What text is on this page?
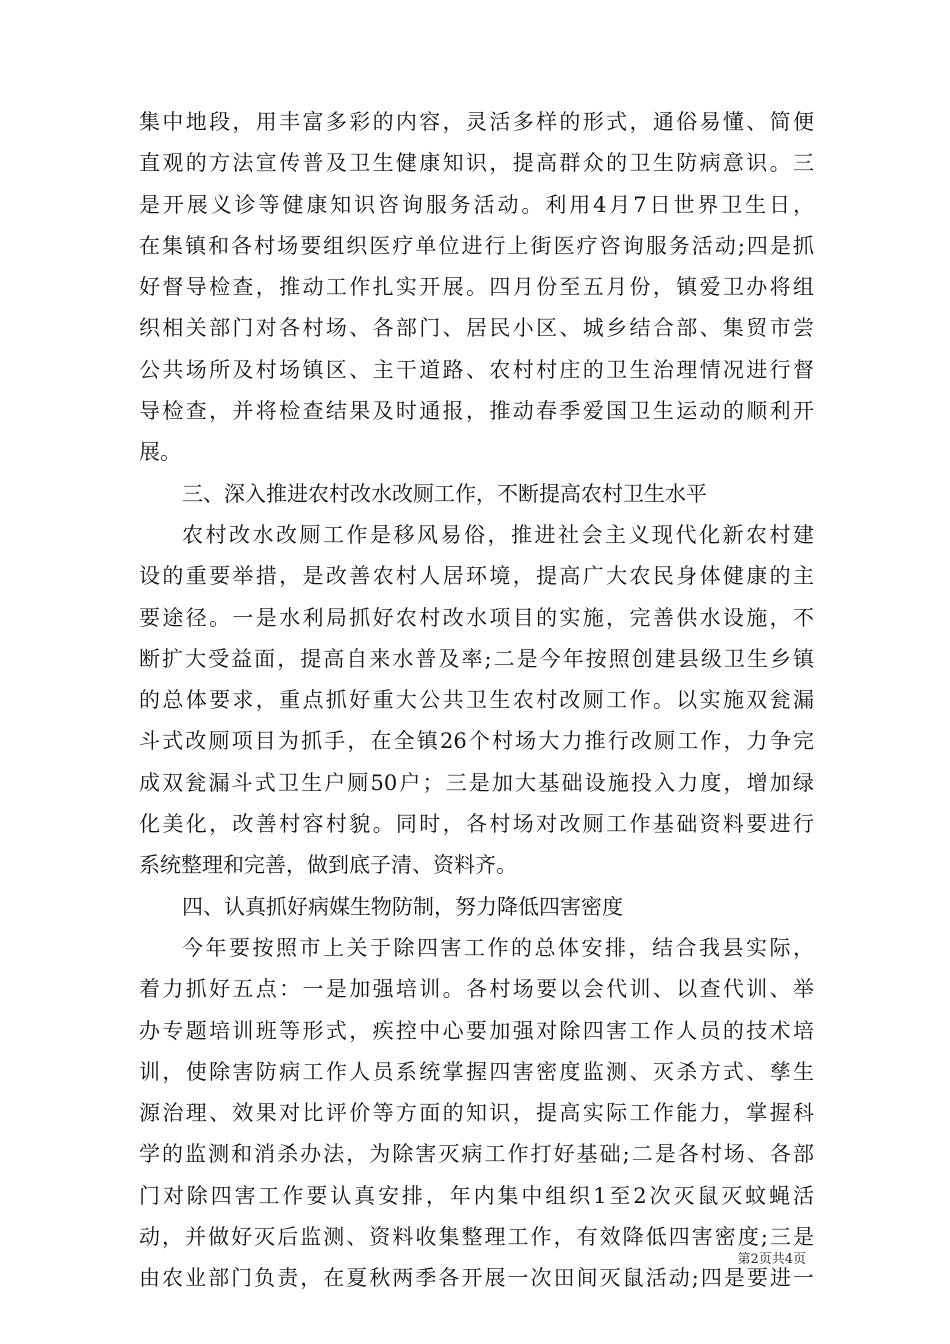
集中地段，用丰富多彩的内容，灵活多样的形式，通俗易懂、简便
直观的方法宣传普及卫生健康知识，提高群众的卫生防病意识。三
是开展义诊等健康知识咨询服务活动。利用4月7日世界卫生日，
在集镇和各村场要组织医疗单位进行上街医疗咨询服务活动;四是抓
好督导检查，推动工作扎实开展。四月份至五月份，镇爱卫办将组
织相关部门对各村场、各部门、居民小区、城乡结合部、集贸市尝
公共场所及村场镇区、主干道路、农村村庄的卫生治理情况进行督
导检查，并将检查结果及时通报，推动春季爱国卫生运动的顺利开
展。
三、深入推进农村改水改厕工作，不断提高农村卫生水平
农村改水改厕工作是移风易俗，推进社会主义现代化新农村建
设的重要举措，是改善农村人居环境，提高广大农民身体健康的主
要途径。一是水利局抓好农村改水项目的实施，完善供水设施，不
断扩大受益面，提高自来水普及率;二是今年按照创建县级卫生乡镇
的总体要求，重点抓好重大公共卫生农村改厕工作。以实施双瓮漏
斗式改厕项目为抓手，在全镇26个村场大力推行改厕工作，力争完
成双瓮漏斗式卫生户厕50户；三是加大基础设施投入力度，增加绿
化美化，改善村容村貌。同时，各村场对改厕工作基础资料要进行
系统整理和完善，做到底子清、资料齐。
四、认真抓好病媒生物防制，努力降低四害密度
今年要按照市上关于除四害工作的总体安排，结合我县实际，
着力抓好五点：一是加强培训。各村场要以会代训、以查代训、举
办专题培训班等形式，疾控中心要加强对除四害工作人员的技术培
训，使除害防病工作人员系统掌握四害密度监测、灭杀方式、孳生
源治理、效果对比评价等方面的知识，提高实际工作能力，掌握科
学的监测和消杀办法，为除害灭病工作打好基础;二是各村场、各部
门对除四害工作要认真安排，年内集中组织1至2次灭鼠灭蚊蝇活
动，并做好灭后监测、资料收集整理工作，有效降低四害密度;三是
由农业部门负责，在夏秋两季各开展一次田间灭鼠活动;四是要进一
第2页共4页
